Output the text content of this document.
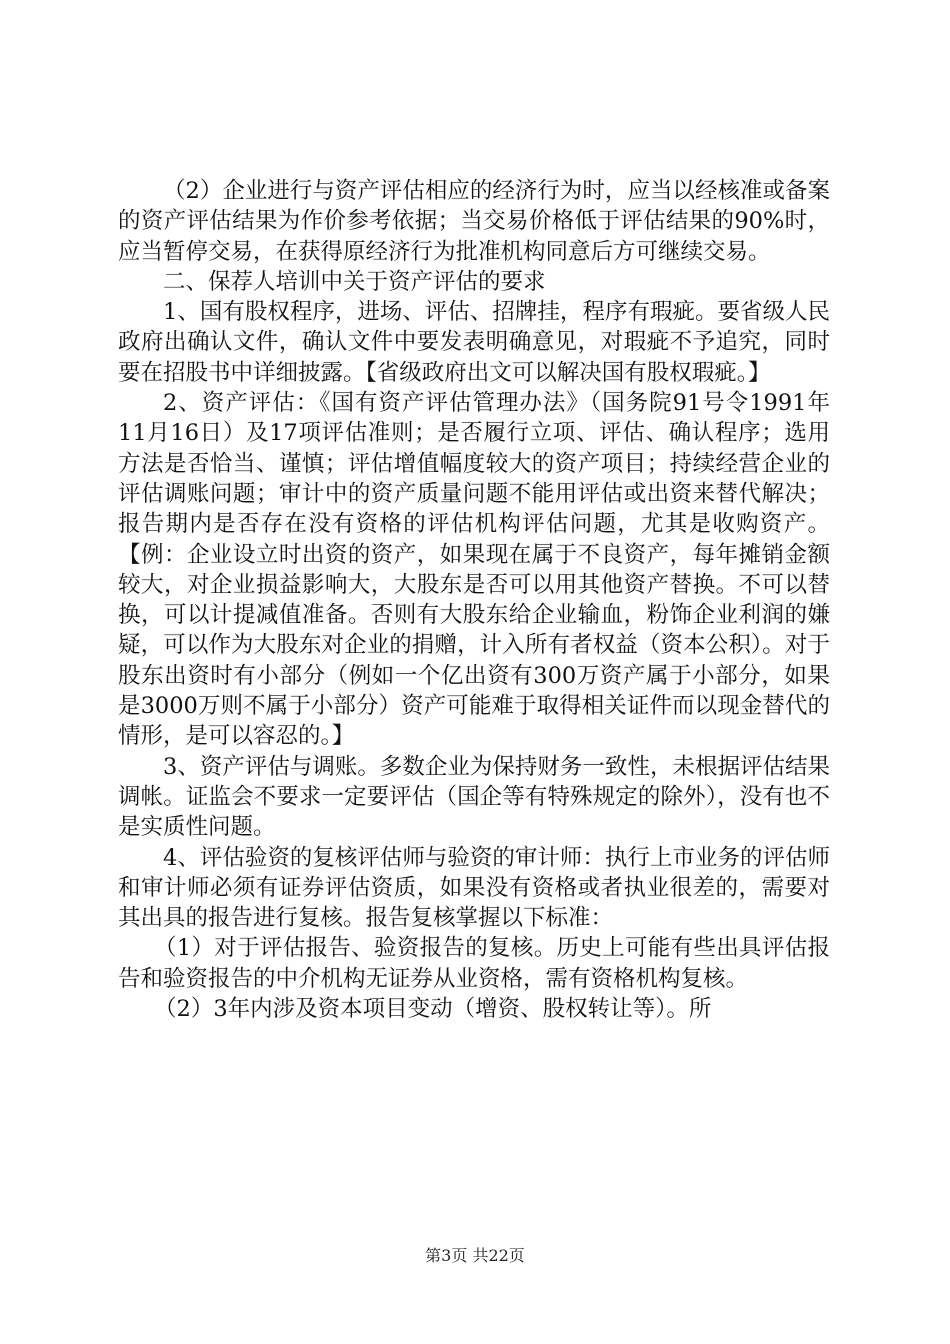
（2）企业进行与资产评估相应的经济行为时，应当以经核准或备案的资产评估结果为作价参考依据；当交易价格低于评估结果的90%时，应当暂停交易，在获得原经济行为批准机构同意后方可继续交易。

二、保荐人培训中关于资产评估的要求

1、国有股权程序，进场、评估、招牌挂，程序有瑕疵。要省级人民政府出确认文件，确认文件中要发表明确意见，对瑕疵不予追究，同时要在招股书中详细披露。【省级政府出文可以解决国有股权瑕疵。】

2、资产评估：《国有资产评估管理办法》（国务院91号令1991年11月16日）及17项评估准则；是否履行立项、评估、确认程序；选用方法是否恰当、谨慎；评估增值幅度较大的资产项目；持续经营企业的评估调账问题；审计中的资产质量问题不能用评估或出资来替代解决；报告期内是否存在没有资格的评估机构评估问题，尤其是收购资产。【例：企业设立时出资的资产，如果现在属于不良资产，每年摊销金额较大，对企业损益影响大，大股东是否可以用其他资产替换。不可以替换，可以计提减值准备。否则有大股东给企业输血，粉饰企业利润的嫌疑，可以作为大股东对企业的捐赠，计入所有者权益（资本公积）。对于股东出资时有小部分（例如一个亿出资有300万资产属于小部分，如果是3000万则不属于小部分）资产可能难于取得相关证件而以现金替代的情形，是可以容忍的。】

3、资产评估与调账。多数企业为保持财务一致性，未根据评估结果调帐。证监会不要求一定要评估（国企等有特殊规定的除外），没有也不是实质性问题。

4、评估验资的复核评估师与验资的审计师：执行上市业务的评估师和审计师必须有证券评估资质，如果没有资格或者执业很差的，需要对其出具的报告进行复核。报告复核掌握以下标准：

（1）对于评估报告、验资报告的复核。历史上可能有些出具评估报告和验资报告的中介机构无证券从业资格，需有资格机构复核。

（2）3年内涉及资本项目变动（增资、股权转让等）。所

第3页 共22页
